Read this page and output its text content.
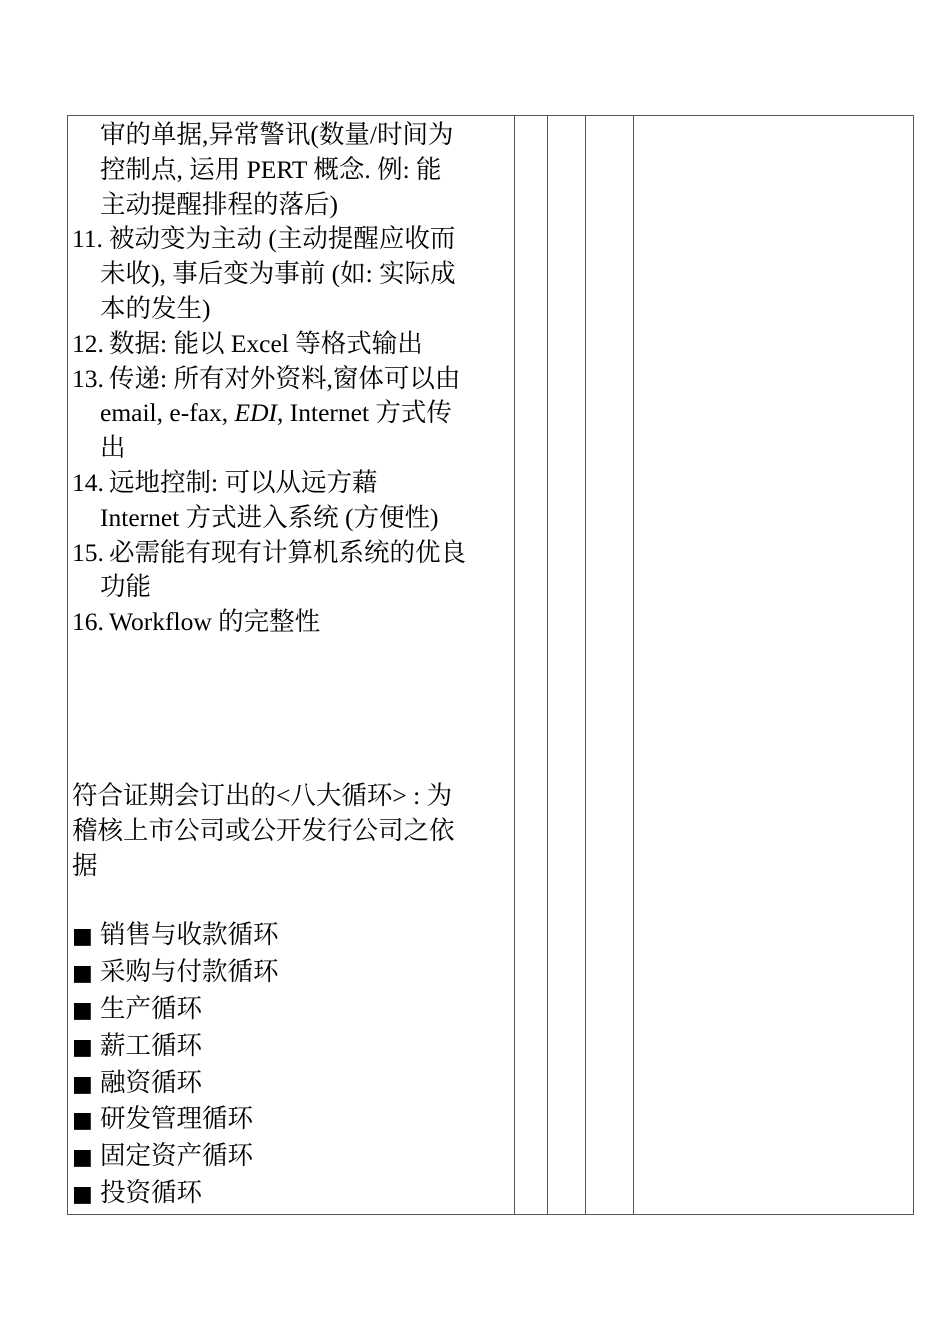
审的单据,异常警讯(数量/时间为
控制点, 运用 PERT 概念. 例: 能
主动提醒排程的落后)
11. 被动变为主动 (主动提醒应收而
未收), 事后变为事前 (如: 实际成
本的发生)
12. 数据: 能以 Excel 等格式输出
13. 传递: 所有对外资料,窗体可以由
email, e-fax, EDI, Internet 方式传
出
14. 远地控制: 可以从远方藉
Internet 方式进入系统 (方便性)
15. 必需能有现有计算机系统的优良
功能
16. Workflow 的完整性
符合证期会订出的<八大循环> : 为
稽核上市公司或公开发行公司之依
据
■ 销售与收款循环
■ 采购与付款循环
■ 生产循环
■ 薪工循环
■ 融资循环
■ 研发管理循环
■ 固定资产循环
■ 投资循环
